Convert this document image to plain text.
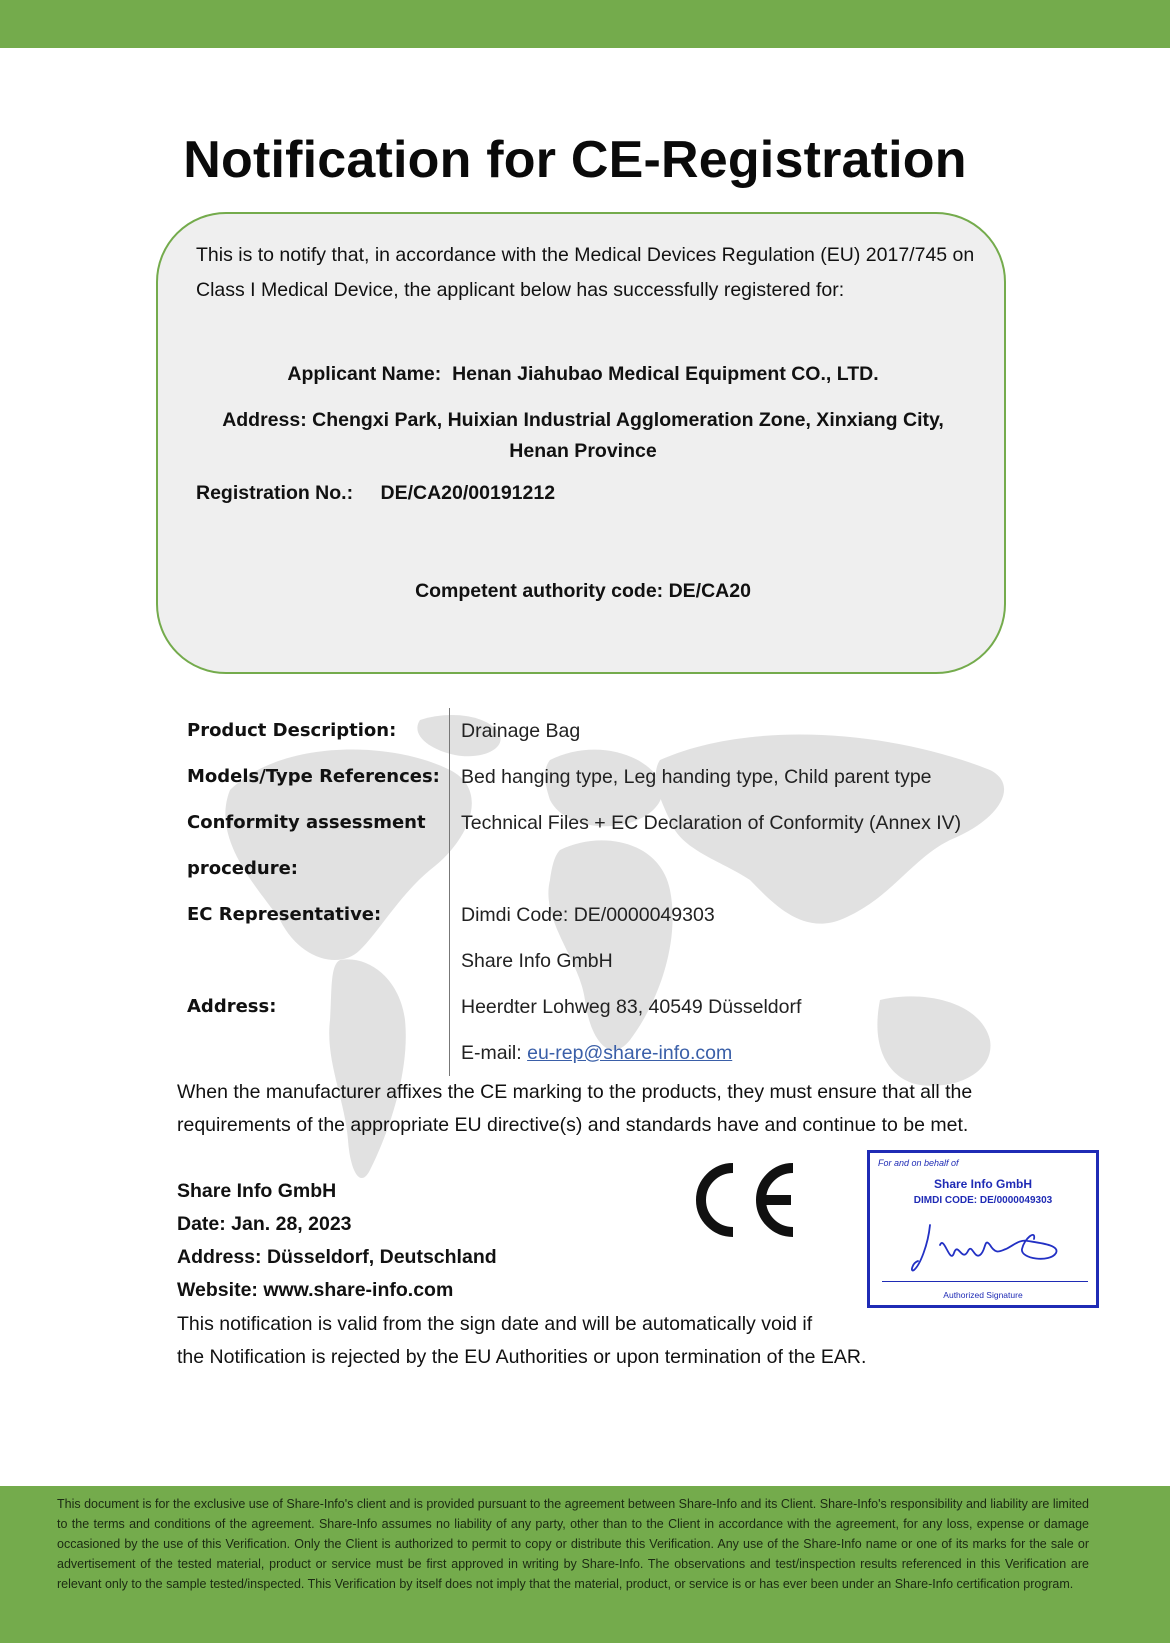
Notification for CE-Registration
This is to notify that, in accordance with the Medical Devices Regulation (EU) 2017/745 on Class I Medical Device, the applicant below has successfully registered for:
Applicant Name: Henan Jiahubao Medical Equipment CO., LTD.
Address: Chengxi Park, Huixian Industrial Agglomeration Zone, Xinxiang City,
Henan Province
Registration No.: DE/CA20/00191212
Competent authority code: DE/CA20
Product Description:	Drainage Bag
Models/Type References: Bed hanging type, Leg handing type, Child parent type
Conformity assessment
procedure:
Technical Files + EC Declaration of Conformity (Annex IV)
EC Representative:	Dimdi Code: DE/0000049303
Share Info GmbH
Address:	Heerdter Lohweg 83, 40549 Düsseldorf
E-mail: eu-rep@share-info.com
When the manufacturer affixes the CE marking to the products, they must ensure that all the requirements of the appropriate EU directive(s) and standards have and continue to be met.
Share Info GmbH
Date: Jan. 28, 2023
Address: Düsseldorf, Deutschland
Website: www.share-info.com
This notification is valid from the sign date and will be automatically void if
the Notification is rejected by the EU Authorities or upon termination of the EAR.
For and on behalf of
Share Info GmbH
DIMDI CODE: DE/0000049303
Authorized Signature
This document is for the exclusive use of Share-Info's client and is provided pursuant to the agreement between Share-Info and its Client. Share-Info's responsibility and liability are limited to the terms and conditions of the agreement. Share-Info assumes no liability of any party, other than to the Client in accordance with the agreement, for any loss, expense or damage occasioned by the use of this Verification. Only the Client is authorized to permit to copy or distribute this Verification. Any use of the Share-Info name or one of its marks for the sale or advertisement of the tested material, product or service must be first approved in writing by Share-Info. The observations and test/inspection results referenced in this Verification are relevant only to the sample tested/inspected. This Verification by itself does not imply that the material, product, or service is or has ever been under an Share-Info certification program.
